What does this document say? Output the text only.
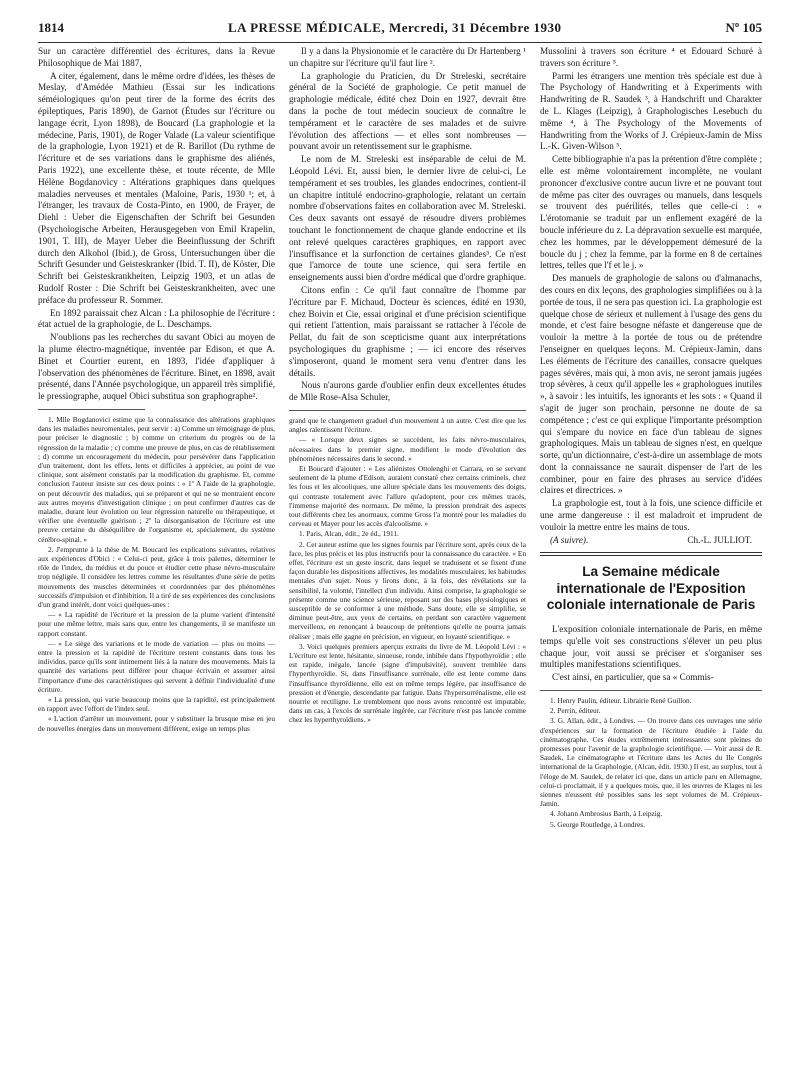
1814	LA PRESSE MÉDICALE, Mercredi, 31 Décembre 1930	Nº 105

Sur un caractère différentiel des écritures, dans la Revue Philosophique de Mai 1887,

A citer, également, dans le même ordre d'idées, les thèses de Meslay, d'Amédée Mathieu (Essai sur les indications séméiologiques qu'on peut tirer de la forme des écrits des épileptiques, Paris 1890), de Garnot (Études sur l'écriture ou langage écrit, Lyon 1898), de Boucard (La graphologie et la médecine, Paris, 1901), de Roger Valade (La valeur scientifique de la graphologie, Lyon 1921) et de R. Barillot (Du rythme de l'écriture et de ses variations dans le graphisme des aliénés, Paris 1922), une excellente thèse, et toute récente, de Mlle Hélène Bogdanovicy : Altérations graphiques dans quelques maladies nerveuses et mentales (Maloine, Paris, 1930 ¹; et, à l'étranger, les travaux de Costa-Pinto, en 1900, de Frayer, de Diehl : Ueber die Eigenschaften der Schrift bei Gesunden (Psychologische Arbeiten, Herausgegeben von Emil Krapelin, 1901, T. III), de Mayer Ueber die Beeinflussung der Schrift durch den Alkohol (Ibid.), de Gross, Untersuchungen über die Schrift Gesunder und Geisteskranker (Ibid. T. II), de Köster, Die Schrift bei Geisteskrankheiten, Leipzig 1903, et un atlas de Rudolf Roster : Die Schrift bei Geisteskrankheiten, avec une préface du professeur R. Sommer.

En 1892 paraissait chez Alcan : La philosophie de l'écriture : état actuel de la graphologie, de L. Deschamps.

N'oublions pas les recherches du savant Obici au moyen de la plume électro-magnétique, inventée par Edison, et que A. Binet et Courtier eurent, en 1893, l'idée d'appliquer à l'observation des phénomènes de l'écriture. Binet, en 1898, avait présenté, dans l'Année psychologique, un appareil très simplifié, le pressiographe, auquel Obici substitua son graphographe².

1. Mlle Bogdanovici estime que la connaissance des altérations graphiques dans les maladies neuromentales, peut servir : a) Comme un témoignage de plus, pour préciser le diagnostic ; b) comme un criterium du progrès ou de la régression de la maladie ; c) comme une preuve de plus, en cas de rétablissement ; d) comme un encouragement du médecin, pour persévérer dans l'application d'un traitement, dont les effets, lents et difficiles à apprécier, au point de vue clinique, sont aisément constatés par la modification du graphisme. Et, comme conclusion l'auteur insiste sur ces deux points : « 1º A l'aide de la graphologie, on peut découvrir des maladies, qui se préparent et qui ne se montraient encore aux autres moyens d'investigation clinique ; on peut confirmer d'autres cas de maladie, durant leur évolution ou leur régression naturelle ou thérapeutique, et vérifier une éventuelle guérison ; 2º la désorganisation de l'écriture est une preuve certaine du déséquilibre de l'organisme et, spécialement, du système cérébro-spinal. »

2. J'emprunte à la thèse de M. Boucard les explications suivantes, relatives aux expériences d'Obici : « Celui-ci peut, grâce à trois palettes, déterminer le rôle de l'index, du médius et du pouce et étudier cette phase névro-musculaire trop négligée. Il considère les lettres comme les résultantes d'une série de petits mouvements des muscles déterminées et coordonnées par des phénomènes successifs d'impulsion et d'inhibition. Il a tiré de ses expériences des conclusions d'un grand intérêt, dont voici quelques-unes :

— « La rapidité de l'écriture et la pression de la plume varient d'intensité pour une même lettre, mais sans que, entre les changements, il se manifeste un rapport constant.

— « Le siège des variations et le mode de variation — plus ou moins — entre la pression et la rapidité de l'écriture restent constants dans tous les individus, parce qu'ils sont intimement liés à la nature des mouvements. Mais la quantité des variations peut différer pour chaque écrivain et assumer ainsi l'importance d'une des caractéristiques qui servent à définir l'individualité d'une écriture.

« La pression, qui varie beaucoup moins que la rapidité, est principalement en rapport avec l'effort de l'index seul.

« L'action d'arrêter un mouvement, pour y substituer la brusque mise en jeu de nouvelles énergies dans un mouvement différent, exige un temps plus

Il y a dans la Physionomie et le caractère du Dr Hartenberg ¹ un chapitre sur l'écriture qu'il faut lire ².

La graphologie du Praticien, du Dr Streleski, secrétaire général de la Société de graphologie. Ce petit manuel de graphologie médicale, édité chez Doin en 1927, devrait être dans la poche de tout médecin soucieux de connaître le tempérament et le caractère de ses malades et de suivre l'évolution des affections — et elles sont nombreuses — pouvant avoir un retentissement sur le graphisme.

Le nom de M. Streleski est inséparable de celui de M. Léopold Lévi. Et, aussi bien, le dernier livre de celui-ci, Le tempérament et ses troubles, les glandes endocrines, contient-il un chapitre intitulé endocrino-graphologie, relatant un certain nombre d'observations faites en collaboration avec M. Streleski. Ces deux savants ont essayé de résoudre divers problèmes touchant le fonctionnement de chaque glande endocrine et ils ont relevé quelques caractères graphiques, en rapport avec l'insuffisance et la surfonction de certaines glandes³. Ce n'est que l'amorce de toute une science, qui sera fertile en enseignements aussi bien d'ordre médical que d'ordre graphique.

Citons enfin : Ce qu'il faut connaître de l'homme par l'écriture par F. Michaud, Docteur ès sciences, édité en 1930, chez Boivin et Cie, essai original et d'une précision scientifique qui retient l'attention, mais paraissant se rattacher à l'école de Pellat, du fait de son scepticisme quant aux interprétations psychologiques du graphisme ; — ici encore des réserves s'imposeront, quand le moment sera venu d'entrer dans les détails.

Nous n'aurons garde d'oublier enfin deux excellentes études de Mlle Rose-Alsa Schuler,

grand que le changement graduel d'un mouvement à un autre. C'est dire que les angles ralentissent l'écriture.

— « Lorsque deux signes se succèdent, les faits névro-musculaires, nécessaires dans le premier signe, modifient le mode d'évolution des phénomènes nécessaires dans le second. »

Et Boucard d'ajouter : « Les aliénistes Ottolenghi et Carrara, en se servant seulement de la plume d'Edison, auraient constaté chez certains criminels, chez les fous et les alcooliques, une allure spéciale dans les mouvements des doigts, qui contraste totalement avec l'allure qu'adoptent, pour ces mêmes tracés, l'immense majorité des normaux. De même, la pression prendrait des aspects tout différents chez les anormaux, comme Gross l'a montré pour les maladies du cerveau et Mayer pour les accès d'alcoolisme. »

1. Paris, Alcan, édit., 2e éd., 1911.

2. Cet auteur estime que les signes fournis par l'écriture sont, après ceux de la face, les plus précis et les plus instructifs pour la connaissance du caractère. « En effet, l'écriture est un geste inscrit, dans lequel se traduisent et se fixent d'une façon durable les dispositions affectives, les modalités musculaires, les habitudes mentales d'un sujet. Nous y lirons donc, à la fois, des révélations sur la sensibilité, la volonté, l'intellect d'un individu. Ainsi comprise, la graphologie se présente comme une science sérieuse, reposant sur des bases physiologiques et susceptible de se conformer à une méthode. Sans doute, elle se simplifie, se diminue peut-être, aux yeux de certains, en perdant son caractère vaguement merveilleux, en renonçant à beaucoup de prétentions qu'elle ne pourra jamais réaliser ; mais elle gagne en précision, en vigueur, en loyauté scientifique. »

3. Voici quelques premiers aperçus extraits du livre de M. Léopold Lévi : « L'écriture est lente, hésitante, sinueuse, ronde, inhibée dans l'hypothyroïdie ; elle est rapide, inégale, lancée (signe d'impulsivité), souvent tremblée dans l'hyperthyroïdie. Si, dans l'insuffisance surrénale, elle est lente comme dans l'insuffisance thyroïdienne, elle est en même temps légère, par insuffisance de pression et d'énergie, descendante par fatigue. Dans l'hypersurrénalisme, elle est nourrie et rectiligne. Le tremblement que nous avons rencontré est imputable, dans un cas, à l'excès de surrénale ingérée, car l'écriture n'est pas lancée comme chez les hyperthyroïdiens. »

Mussolini à travers son écriture ⁴ et Edouard Schuré à travers son écriture ⁵.

Parmi les étrangers une mention très spéciale est due à The Psychology of Handwriting et à Experiments with Handwriting de R. Saudek ³, à Handschrift und Charakter de L. Klages (Leipzig), à Graphologisches Lesebuch du même ⁴, à The Psychology of the Movements of Handwriting from the Works of J. Crépieux-Jamin de Miss L.-K. Given-Wilson ⁵.

Cette bibliographie n'a pas la prétention d'être complète ; elle est même volontairement incomplète, ne voulant prononcer d'exclusive contre aucun livre et ne pouvant tout de même pas citer des ouvrages ou manuels, dans lesquels se trouvent des puérilités, telles que celle-ci : « L'érotomanie se traduit par un enflement exagéré de la boucle inférieure du z. La dépravation sexuelle est marquée, chez les hommes, par le développement démesuré de la boucle du j ; chez la femme, par la forme en 8 de certaines lettres, telles que l'f et le j. »

Des manuels de graphologie de salons ou d'almanachs, des cours en dix leçons, des graphologies simplifiées ou à la portée de tous, il ne sera pas question ici. La graphologie est quelque chose de sérieux et nullement à l'usage des gens du monde, et c'est faire besogne néfaste et dangereuse que de vouloir la mettre à la portée de tous ou de prétendre l'enseigner en quelques leçons. M. Crépieux-Jamin, dans Les éléments de l'écriture des canailles, consacre quelques pages sévères, mais qui, à mon avis, ne seront jamais jugées trop sévères, à ceux qu'il appelle les « graphologues inutiles », à savoir : les intuitifs, les ignorants et les sots : « Quand il s'agit de juger son prochain, personne ne doute de sa compétence ; c'est ce qui explique l'importante présomption qui s'empare du novice en face d'un tableau de signes graphologiques. Mais un tableau de signes n'est, en quelque sorte, qu'un dictionnaire, c'est-à-dire un assemblage de mots dont la connaissance ne saurait dispenser de l'art de les combiner, pour en faire des phrases au service d'idées claires et directrices. »

La graphologie est, tout à la fois, une science difficile et une arme dangereuse : il est maladroit et imprudent de vouloir la mettre entre les mains de tous.

(A suivre).	Ch.-L. JULLIOT.
La Semaine médicale internationale de l'Exposition coloniale internationale de Paris

L'exposition coloniale internationale de Paris, en même temps qu'elle voit ses constructions s'élever un peu plus chaque jour, voit aussi se préciser et s'organiser ses multiples manifestations scientifiques.

C'est ainsi, en particulier, que sa « Commis-

1. Henry Paulin, éditeur. Librairie René Guillon.

2. Perrin, éditeur.

3. G. Allan, édit., à Londres. — On trouve dans ces ouvrages une série d'expériences sur la formation de l'écriture étudiée à l'aide du cinématographe. Ces études extrêmement intéressantes sont pleines de promesses pour l'avenir de la graphologie scientifique. — Voir aussi de R. Saudek, Le cinématographe et l'écriture dans les Actes du IIe Congrès international de la Graphologie, (Alcan, édit. 1930.) Il est, au surplus, tout à l'éloge de M. Saudek, de relater ici que, dans un article paru en Allemagne, celui-ci proclamait, il y a quelques mois, que, il les œuvres de Klages ni les siennes n'eussent été possibles sans les sept volumes de M. Crépieux-Jamin.

4. Johann Ambrosius Barth, à Leipzig.

5. George Routledge, à Londres.
